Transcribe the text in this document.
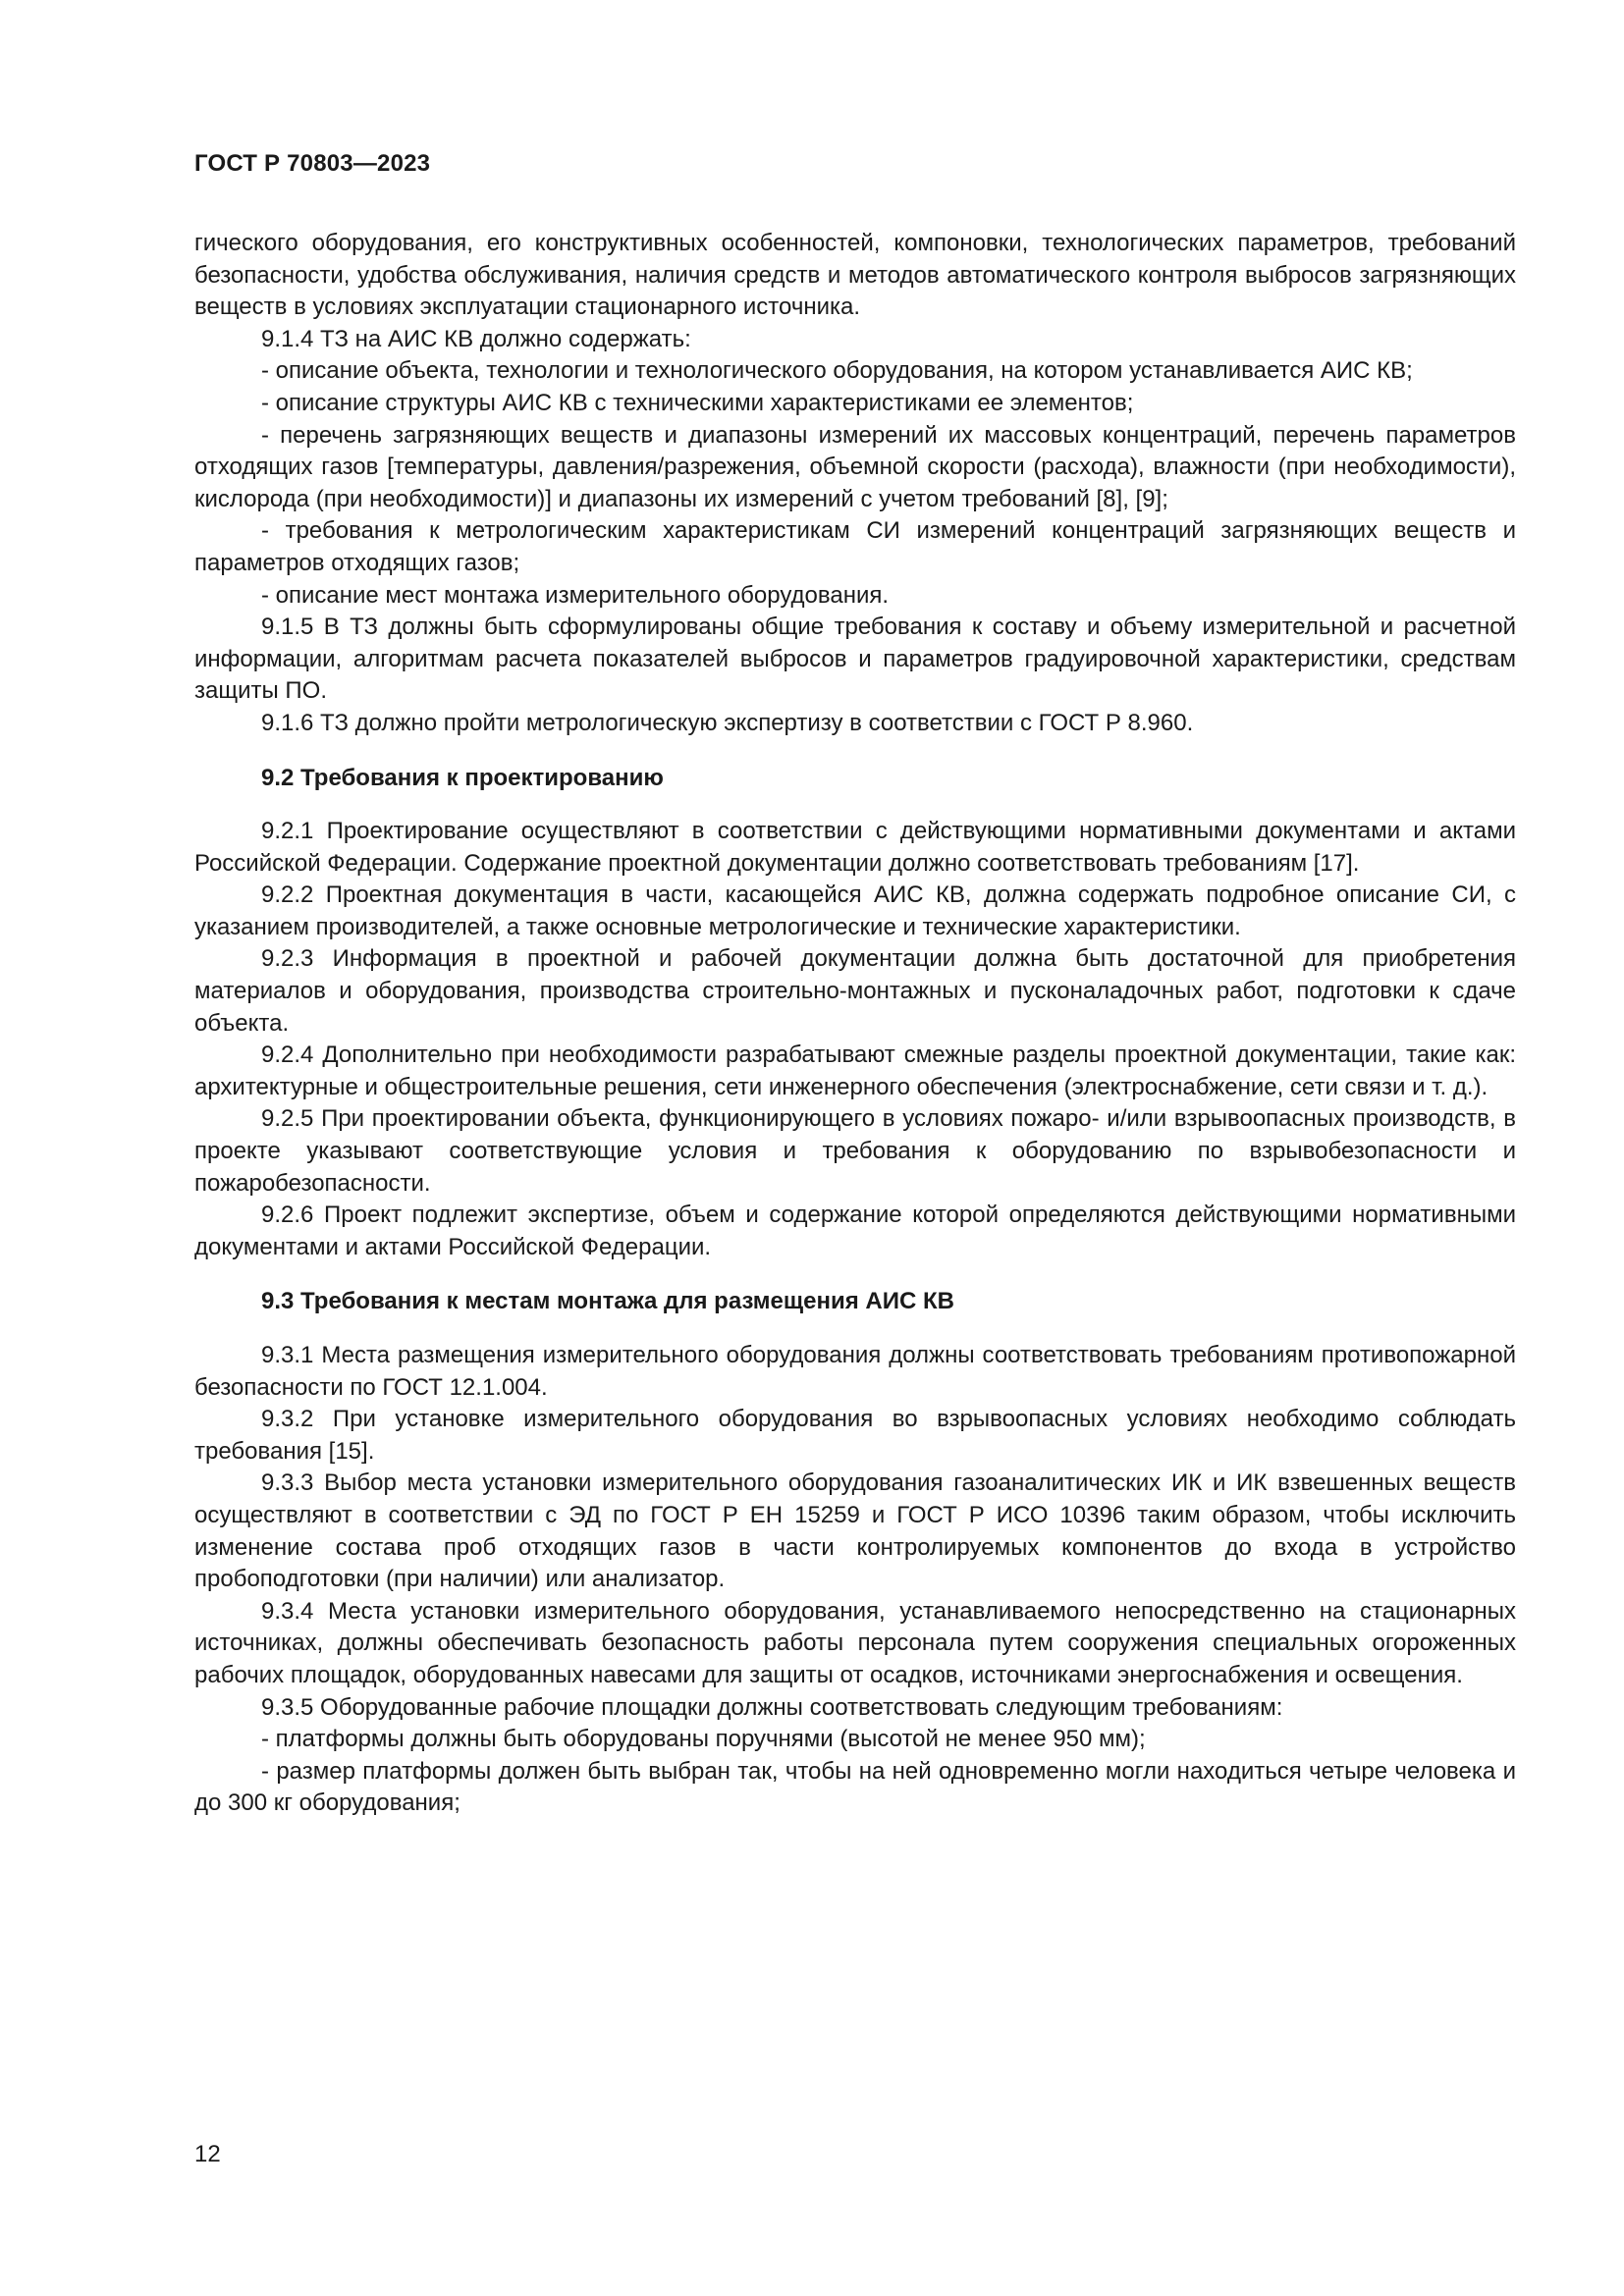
ГОСТ Р 70803—2023

гического оборудования, его конструктивных особенностей, компоновки, технологических параметров, требований безопасности, удобства обслуживания, наличия средств и методов автоматического контроля выбросов загрязняющих веществ в условиях эксплуатации стационарного источника.

9.1.4 ТЗ на АИС КВ должно содержать:

- описание объекта, технологии и технологического оборудования, на котором устанавливается АИС КВ;

- описание структуры АИС КВ с техническими характеристиками ее элементов;

- перечень загрязняющих веществ и диапазоны измерений их массовых концентраций, перечень параметров отходящих газов [температуры, давления/разрежения, объемной скорости (расхода), влажности (при необходимости), кислорода (при необходимости)] и диапазоны их измерений с учетом требований [8], [9];

- требования к метрологическим характеристикам СИ измерений концентраций загрязняющих веществ и параметров отходящих газов;

- описание мест монтажа измерительного оборудования.

9.1.5 В ТЗ должны быть сформулированы общие требования к составу и объему измерительной и расчетной информации, алгоритмам расчета показателей выбросов и параметров градуировочной характеристики, средствам защиты ПО.

9.1.6 ТЗ должно пройти метрологическую экспертизу в соответствии с ГОСТ Р 8.960.

9.2 Требования к проектированию

9.2.1 Проектирование осуществляют в соответствии с действующими нормативными документами и актами Российской Федерации. Содержание проектной документации должно соответствовать требованиям [17].

9.2.2 Проектная документация в части, касающейся АИС КВ, должна содержать подробное описание СИ, с указанием производителей, а также основные метрологические и технические характеристики.

9.2.3 Информация в проектной и рабочей документации должна быть достаточной для приобретения материалов и оборудования, производства строительно-монтажных и пусконаладочных работ, подготовки к сдаче объекта.

9.2.4 Дополнительно при необходимости разрабатывают смежные разделы проектной документации, такие как: архитектурные и общестроительные решения, сети инженерного обеспечения (электроснабжение, сети связи и т. д.).

9.2.5 При проектировании объекта, функционирующего в условиях пожаро- и/или взрывоопасных производств, в проекте указывают соответствующие условия и требования к оборудованию по взрывобезопасности и пожаробезопасности.

9.2.6 Проект подлежит экспертизе, объем и содержание которой определяются действующими нормативными документами и актами Российской Федерации.

9.3 Требования к местам монтажа для размещения АИС КВ

9.3.1 Места размещения измерительного оборудования должны соответствовать требованиям противопожарной безопасности по ГОСТ 12.1.004.

9.3.2 При установке измерительного оборудования во взрывоопасных условиях необходимо соблюдать требования [15].

9.3.3 Выбор места установки измерительного оборудования газоаналитических ИК и ИК взвешенных веществ осуществляют в соответствии с ЭД по ГОСТ Р ЕН 15259 и ГОСТ Р ИСО 10396 таким образом, чтобы исключить изменение состава проб отходящих газов в части контролируемых компонентов до входа в устройство пробоподготовки (при наличии) или анализатор.

9.3.4 Места установки измерительного оборудования, устанавливаемого непосредственно на стационарных источниках, должны обеспечивать безопасность работы персонала путем сооружения специальных огороженных рабочих площадок, оборудованных навесами для защиты от осадков, источниками энергоснабжения и освещения.

9.3.5 Оборудованные рабочие площадки должны соответствовать следующим требованиям:

- платформы должны быть оборудованы поручнями (высотой не менее 950 мм);

- размер платформы должен быть выбран так, чтобы на ней одновременно могли находиться четыре человека и до 300 кг оборудования;

12
